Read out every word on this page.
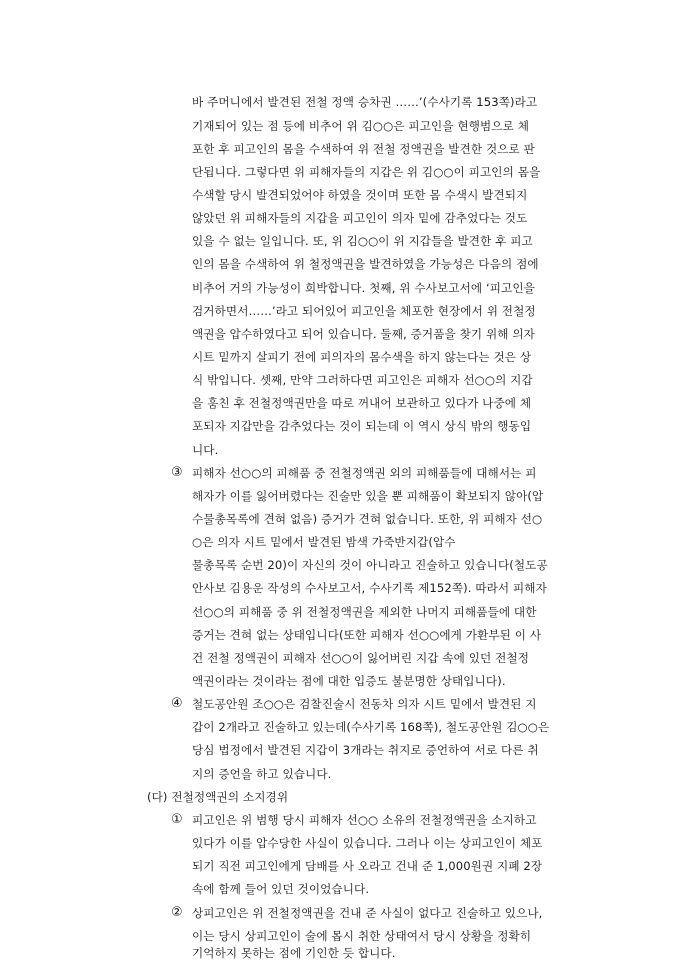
바 주머니에서 발견된 전철 정액 승차권 ……’(수사기록 153쪽)라고
기재되어 있는 점 등에 비추어 위 김○○은 피고인을 현행범으로 체
포한 후 피고인의 몸을 수색하여 위 전철 정액권을 발견한 것으로 판
단됩니다. 그렇다면 위 피해자들의 지갑은 위 김○○이 피고인의 몸을
수색할 당시 발견되었어야 하였을 것이며 또한 몸 수색시 발견되지
않았던 위 피해자들의 지갑을 피고인이 의자 밑에 감추었다는 것도
있을 수 없는 일입니다. 또, 위 김○○이 위 지갑들을 발견한 후 피고
인의 몸을 수색하여 위 철정액권을 발견하였을 가능성은 다음의 점에
비추어 거의 가능성이 희박합니다. 첫째, 위 수사보고서에 ‘피고인을
검거하면서……’라고 되어있어 피고인을 체포한 현장에서 위 전철정
액권을 압수하였다고 되어 있습니다. 둘째, 증거품을 찾기 위해 의자
시트 밑까지 살피기 전에 피의자의 몸수색을 하지 않는다는 것은 상
식 밖입니다. 셋째, 만약 그러하다면 피고인은 피해자 선○○의 지갑
을 훔친 후 전철정액권만을 따로 꺼내어 보관하고 있다가 나중에 체
포되자 지갑만을 감추었다는 것이 되는데 이 역시 상식 밖의 행동입
니다.
③ 피해자 선○○의 피해품 중 전철정액권 외의 피해품들에 대해서는 피
해자가 이를 잃어버렸다는 진술만 있을 뿐 피해품이 확보되지 않아(압
수물총목록에 견혀 없음) 증거가 견혀 없습니다. 또한, 위 피해자 선○
○은 의자 시트 밑에서 발견된 밤색 가죽반지갑(압수
물총목록 순번 20)이 자신의 것이 아니라고 진술하고 있습니다(철도공
안사보 김용운 작성의 수사보고서, 수사기록 제152쪽). 따라서 피해자
선○○의 피해품 중 위 전철정액권을 제외한 나머지 피해품들에 대한
증거는 견혀 없는 상태입니다(또한 피해자 선○○에게 가환부된 이 사
건 전철 정액권이 피해자 선○○이 잃어버린 지갑 속에 있던 전철정
액권이라는 것이라는 점에 대한 입증도 불분명한 상태입니다).
④ 철도공안원 조○○은 검찰진술시 전동차 의자 시트 밑에서 발견된 지
갑이 2개라고 진술하고 있는데(수사기록 168쪽), 철도공안원 김○○은
당심 법정에서 발견된 지갑이 3개라는 취지로 증언하여 서로 다른 취
지의 증언을 하고 있습니다.
(다) 전철정액권의 소지경위
① 피고인은 위 범행 당시 피해자 선○○ 소유의 전철정액권을 소지하고
있다가 이를 압수당한 사실이 있습니다. 그러나 이는 상피고인이 체포
되기 직전 피고인에게 담배를 사 오라고 건내 준 1,000원권 지폐 2장
속에 함께 들어 있던 것이었습니다.
② 상피고인은 위 전철정액권을 건내 준 사실이 없다고 진술하고 있으나,
이는 당시 상피고인이 술에 몹시 취한 상태여서 당시 상황을 정확히
기억하지 못하는 점에 기인한 듯 합니다.
